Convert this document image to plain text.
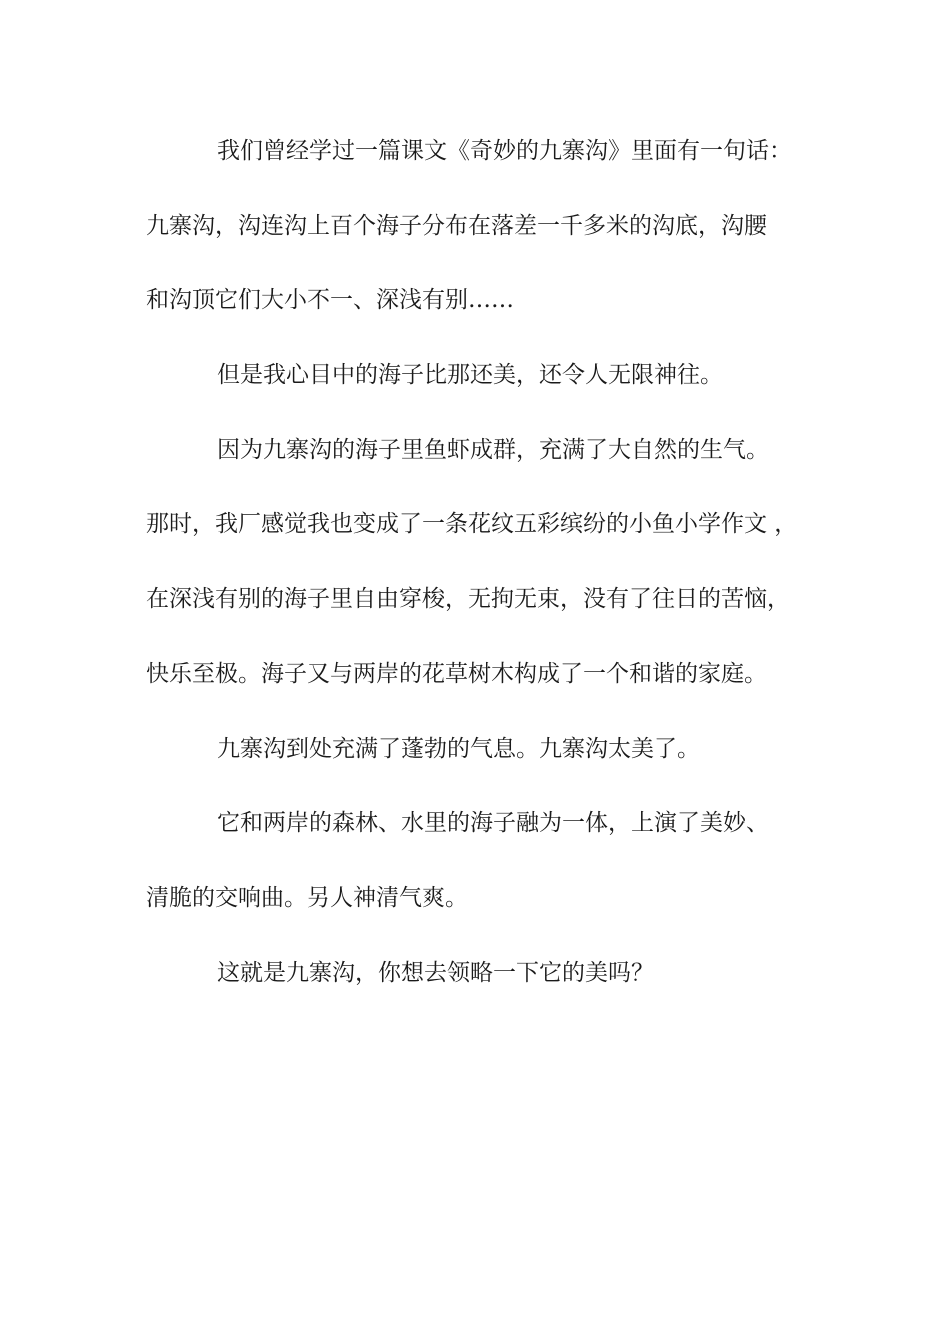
我们曾经学过一篇课文《奇妙的九寨沟》里面有一句话：
九寨沟，沟连沟上百个海子分布在落差一千多米的沟底，沟腰
和沟顶它们大小不一、深浅有别……
但是我心目中的海子比那还美，还令人无限神往。
因为九寨沟的海子里鱼虾成群，充满了大自然的生气。
那时，我厂感觉我也变成了一条花纹五彩缤纷的小鱼小学作文 ，
在深浅有别的海子里自由穿梭，无拘无束，没有了往日的苦恼，
快乐至极。海子又与两岸的花草树木构成了一个和谐的家庭。
九寨沟到处充满了蓬勃的气息。九寨沟太美了。
它和两岸的森林、水里的海子融为一体，上演了美妙、
清脆的交响曲。另人神清气爽。
这就是九寨沟，你想去领略一下它的美吗？
